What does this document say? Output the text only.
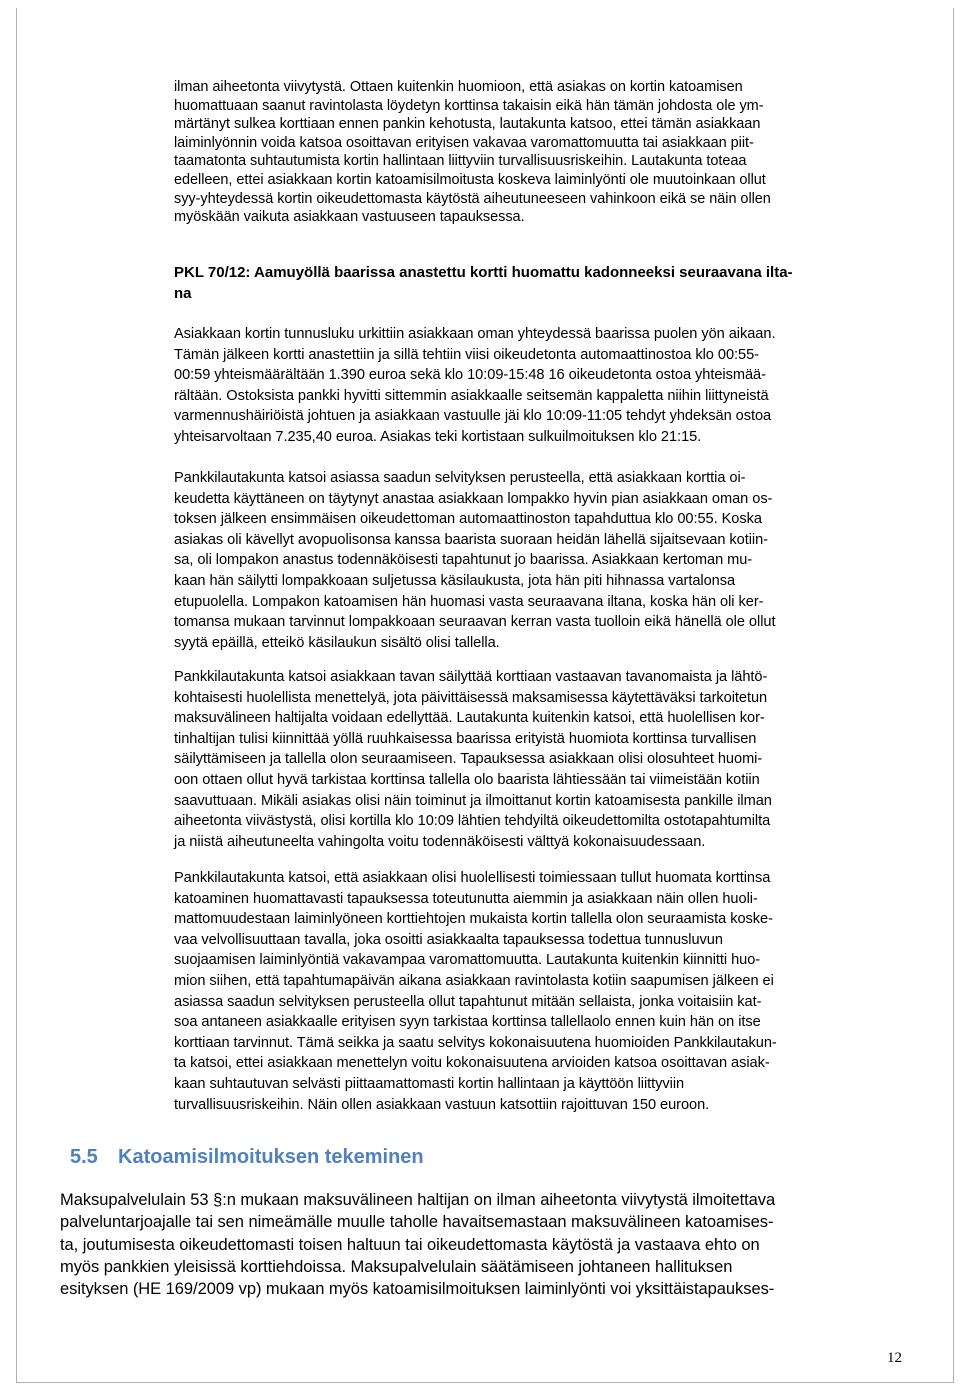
ilman aiheetonta viivytystä. Ottaen kuitenkin huomioon, että asiakas on kortin katoamisen
huomattuaan saanut ravintolasta löydetyn korttinsa takaisin eikä hän tämän johdosta ole ym-
märtänyt sulkea korttiaan ennen pankin kehotusta, lautakunta katsoo, ettei tämän asiakkaan
laiminlyönnin voida katsoa osoittavan erityisen vakavaa varomattomuutta tai asiakkaan piit-
taamatonta suhtautumista kortin hallintaan liittyviin turvallisuusriskeihin. Lautakunta toteaa
edelleen, ettei asiakkaan kortin katoamisilmoitusta koskeva laiminlyönti ole muutoinkaan ollut
syy-yhteydessä kortin oikeudettomasta käytöstä aiheutuneeseen vahinkoon eikä se näin ollen
myöskään vaikuta asiakkaan vastuuseen tapauksessa.
PKL 70/12: Aamuyöllä baarissa anastettu kortti huomattu kadonneeksi seuraavana ilta-
na
Asiakkaan kortin tunnusluku urkittiin asiakkaan oman yhteydessä baarissa puolen yön aikaan.
Tämän jälkeen kortti anastettiin ja sillä tehtiin viisi oikeudetonta automaattinostoa klo 00:55-
00:59 yhteismäärältään 1.390 euroa sekä klo 10:09-15:48 16 oikeudetonta ostoa yhteismää-
rältään. Ostoksista pankki hyvitti sittemmin asiakkaalle seitsemän kappaletta niihin liittyneistä
varmennushäiriöistä johtuen ja asiakkaan vastuulle jäi klo 10:09-11:05 tehdyt yhdeksän ostoa
yhteisarvoltaan 7.235,40 euroa. Asiakas teki kortistaan sulkuilmoituksen klo 21:15.
Pankkilautakunta katsoi asiassa saadun selvityksen perusteella, että asiakkaan korttia oi-
keudetta käyttäneen on täytynyt anastaa asiakkaan lompakko hyvin pian asiakkaan oman os-
toksen jälkeen ensimmäisen oikeudettoman automaattinoston tapahduttua klo 00:55. Koska
asiakas oli kävellyt avopuolisonsa kanssa baarista suoraan heidän lähellä sijaitsevaan kotiin-
sa, oli lompakon anastus todennäköisesti tapahtunut jo baarissa. Asiakkaan kertoman mu-
kaan hän säilytti lompakkoaan suljetussa käsilaukusta, jota hän piti hihnassa vartalonsa
etupuolella. Lompakon katoamisen hän huomasi vasta seuraavana iltana, koska hän oli ker-
tomansa mukaan tarvinnut lompakkoaan seuraavan kerran vasta tuolloin eikä hänellä ole ollut
syytä epäillä, etteikö käsilaukun sisältö olisi tallella.
Pankkilautakunta katsoi asiakkaan tavan säilyttää korttiaan vastaavan tavanomaista ja lähtö-
kohtaisesti huolellista menettelyä, jota päivittäisessä maksamisessa käytettäväksi tarkoitetun
maksuvälineen haltijalta voidaan edellyttää. Lautakunta kuitenkin katsoi, että huolellisen kor-
tinhaltijan tulisi kiinnittää yöllä ruuhkaisessa baarissa erityistä huomiota korttinsa turvallisen
säilyttämiseen ja tallella olon seuraamiseen. Tapauksessa asiakkaan olisi olosuhteet huomi-
oon ottaen ollut hyvä tarkistaa korttinsa tallella olo baarista lähtiessään tai viimeistään kotiin
saavuttuaan. Mikäli asiakas olisi näin toiminut ja ilmoittanut kortin katoamisesta pankille ilman
aiheetonta viivästystä, olisi kortilla klo 10:09 lähtien tehdyiltä oikeudettomilta ostotapahtumilta
ja niistä aiheutuneelta vahingolta voitu todennäköisesti välttyä kokonaisuudessaan.
Pankkilautakunta katsoi, että asiakkaan olisi huolellisesti toimiessaan tullut huomata korttinsa
katoaminen huomattavasti tapauksessa toteutunutta aiemmin ja asiakkaan näin ollen huoli-
mattomuudestaan laiminlyöneen korttiehtojen mukaista kortin tallella olon seuraamista koske-
vaa velvollisuuttaan tavalla, joka osoitti asiakkaalta tapauksessa todettua tunnusluvun
suojaamisen laiminlyöntiä vakavampaa varomattomuutta. Lautakunta kuitenkin kiinnitti huo-
mion siihen, että tapahtumapäivän aikana asiakkaan ravintolasta kotiin saapumisen jälkeen ei
asiassa saadun selvityksen perusteella ollut tapahtunut mitään sellaista, jonka voitaisiin kat-
soa antaneen asiakkaalle erityisen syyn tarkistaa korttinsa tallellaolo ennen kuin hän on itse
korttiaan tarvinnut. Tämä seikka ja saatu selvitys kokonaisuutena huomioiden Pankkilautakun-
ta katsoi, ettei asiakkaan menettelyn voitu kokonaisuutena arvioiden katsoa osoittavan asiak-
kaan suhtautuvan selvästi piittaamattomasti kortin hallintaan ja käyttöön liittyviin
turvallisuusriskeihin. Näin ollen asiakkaan vastuun katsottiin rajoittuvan 150 euroon.
5.5 Katoamisilmoituksen tekeminen
Maksupalvelulain 53 §:n mukaan maksuvälineen haltijan on ilman aiheetonta viivytystä ilmoitettava
palveluntarjoajalle tai sen nimeämälle muulle taholle havaitsemastaan maksuvälineen katoamises-
ta, joutumisesta oikeudettomasti toisen haltuun tai oikeudettomasta käytöstä ja vastaava ehto on
myös pankkien yleisissä korttiehdoissa. Maksupalvelulain säätämiseen johtaneen hallituksen
esityksen (HE 169/2009 vp) mukaan myös katoamisilmoituksen laiminlyönti voi yksittäistapaukses-
12
